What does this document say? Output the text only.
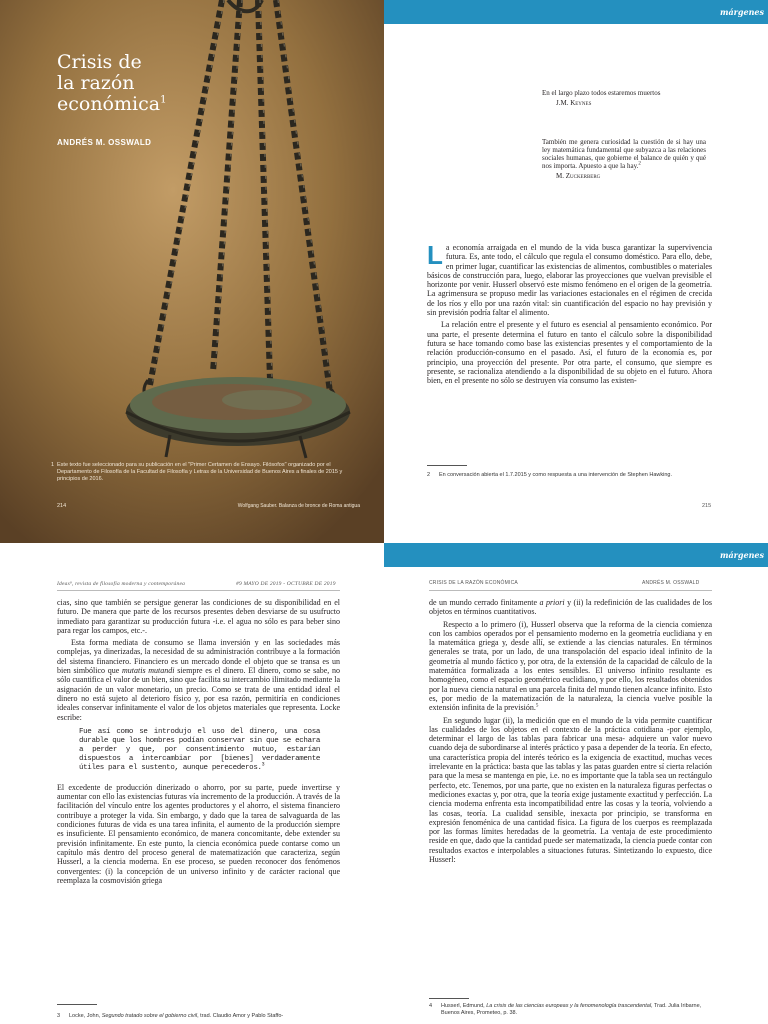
Crisis de
la razón
económica$^1$
ANDRÉS M. OSSWALD
1 Este texto fue seleccionado para su publicación en el "Primer Certamen de Ensayo. Filósofos" organizado por el Departamento de Filosofía de la Facultad de Filosofía y Letras de la Universidad de Buenos Aires a finales de 2015 y principios de 2016.
214	Wolfgang Sauber. Balanza de bronce de Roma antigua
márgenes
En el largo plazo todos estaremos muertos
J.M. Keynes
También me genera curiosidad la cuestión de si hay una ley matemática fundamental que subyazca a las relaciones sociales humanas, que gobierne el balance de quién y qué nos importa. Apuesto a que la hay.$^2$
M. Zuckerberg

La economía arraigada en el mundo de la vida busca garantizar la supervivencia futura. Es, ante todo, el cálculo que regula el consumo doméstico. Para ello, debe, en primer lugar, cuantificar las existencias de alimentos, combustibles o materiales básicos de construcción para, luego, elaborar las proyecciones que vuelvan previsible el horizonte por venir. Husserl observó este mismo fenómeno en el origen de la geometría. La agrimensura se propuso medir las variaciones estacionales en el régimen de crecida de los ríos y ello por una razón vital: sin cuantificación del espacio no hay previsión y sin previsión podría faltar el alimento.

La relación entre el presente y el futuro es esencial al pensamiento económico. Por una parte, el presente determina el futuro en tanto el cálculo sobre la disponibilidad futura se hace tomando como base las existencias presentes y el comportamiento de la relación producción-consumo en el pasado. Así, el futuro de la economía es, por principio, una proyección del presente. Por otra parte, el consumo, que siempre es presente, se racionaliza atendiendo a la disponibilidad de su objeto en el futuro. Ahora bien, en el presente no sólo se destruyen vía consumo las existen-

2 En conversación abierta el 1.7.2015 y como respuesta a una intervención de Stephen Hawking.
215
Ideas⁹, revista de filosofía moderna y contemporánea	#9 MAYO DE 2019 - OCTUBRE DE 2019

cias, sino que también se persigue generar las condiciones de su disponibilidad en el futuro. De manera que parte de los recursos presentes deben desviarse de su usufructo inmediato para garantizar su producción futura -i.e. el agua no sólo es para beber sino para regar los campos, etc.-.

Esta forma mediata de consumo se llama inversión y en las sociedades más complejas, ya dinerizadas, la necesidad de su administración contribuye a la formación del sistema financiero. Financiero es un mercado donde el objeto que se transa es un bien simbólico que mutatis mutandi siempre es el dinero. El dinero, como se sabe, no sólo cuantifica el valor de un bien, sino que facilita su intercambio ilimitado mediante la asignación de un valor monetario, un precio. Como se trata de una entidad ideal el dinero no está sujeto al deterioro físico y, por esa razón, permitiría en condiciones ideales conservar infinitamente el valor de los objetos materiales que representa. Locke escribe:

Fue así como se introdujo el uso del dinero, una cosa durable que los hombres podían conservar sin que se echara a perder y que, por consentimiento mutuo, estarían dispuestos a intercambiar por [bienes] verdaderamente útiles para el sustento, aunque perecederos.$^3$

El excedente de producción dinerizado o ahorro, por su parte, puede invertirse y aumentar con ello las existencias futuras vía incremento de la producción. A través de la facilitación del vínculo entre los agentes productores y el ahorro, el sistema financiero contribuye a proteger la vida. Sin embargo, y dado que la tarea de salvaguarda de las condiciones futuras de vida es una tarea infinita, el aumento de la producción siempre es insuficiente. El pensamiento económico, de manera concomitante, debe extender su previsión infinitamente. En este punto, la ciencia económica puede contarse como un capítulo más dentro del proceso general de matematización que caracteriza, según Husserl, a la ciencia moderna. En ese proceso, se pueden reconocer dos fenómenos convergentes: (i) la concepción de un universo infinito y de carácter racional que reemplaza la cosmovisión griega

3 Locke, John, Segundo tratado sobre el gobierno civil, trad. Claudio Amor y Pablo Staffo-
márgenes
CRISIS DE LA RAZÓN ECONÓMICA	ANDRÉS M. OSSWALD

de un mundo cerrado finitamente a priori y (ii) la redefinición de las cualidades de los objetos en términos cuantitativos.

Respecto a lo primero (i), Husserl observa que la reforma de la ciencia comienza con los cambios operados por el pensamiento moderno en la geometría euclidiana y en la matemática griega y, desde allí, se extiende a las ciencias naturales. En términos generales se trata, por un lado, de una transpolación del espacio ideal infinito de la geometría al mundo fáctico y, por otra, de la extensión de la capacidad de cálculo de la matemática formalizada a los entes sensibles. El universo infinito resultante es homogéneo, como el espacio geométrico euclidiano, y por ello, los resultados obtenidos por la nueva ciencia natural en una parcela finita del mundo tienen alcance infinito. Esto es, por medio de la matematización de la naturaleza, la ciencia vuelve posible la extensión infinita de la previsión.$^5$

En segundo lugar (ii), la medición que en el mundo de la vida permite cuantificar las cualidades de los objetos en el contexto de la práctica cotidiana -por ejemplo, determinar el largo de las tablas para fabricar una mesa- adquiere un valor nuevo cuando deja de subordinarse al interés práctico y pasa a depender de la teoría. En efecto, una característica propia del interés teórico es la exigencia de exactitud, muchas veces irrelevante en la práctica: basta que las tablas y las patas guarden entre sí cierta relación para que la mesa se mantenga en pie, i.e. no es importante que la tabla sea un rectángulo perfecto, etc. Tenemos, por una parte, que no existen en la naturaleza figuras perfectas o mediciones exactas y, por otra, que la teoría exige justamente exactitud y perfección. La ciencia moderna enfrenta esta incompatibilidad entre las cosas y la teoría, volviendo a las cosas, teoría. La cualidad sensible, inexacta por principio, se transforma en expresión fenoménica de una cantidad física. La figura de los cuerpos es reemplazada por las formas límites heredadas de la geometría. La ventaja de este procedimiento reside en que, dado que la cantidad puede ser matematizada, la ciencia puede contar con resultados exactos e interpolables a situaciones futuras. Sintetizando lo expuesto, dice Husserl:

4 Husserl, Edmund, La crisis de las ciencias europeas y la fenomenología trascendental, Trad. Julia Iribarne, Buenos Aires, Prometeo, p. 38.
